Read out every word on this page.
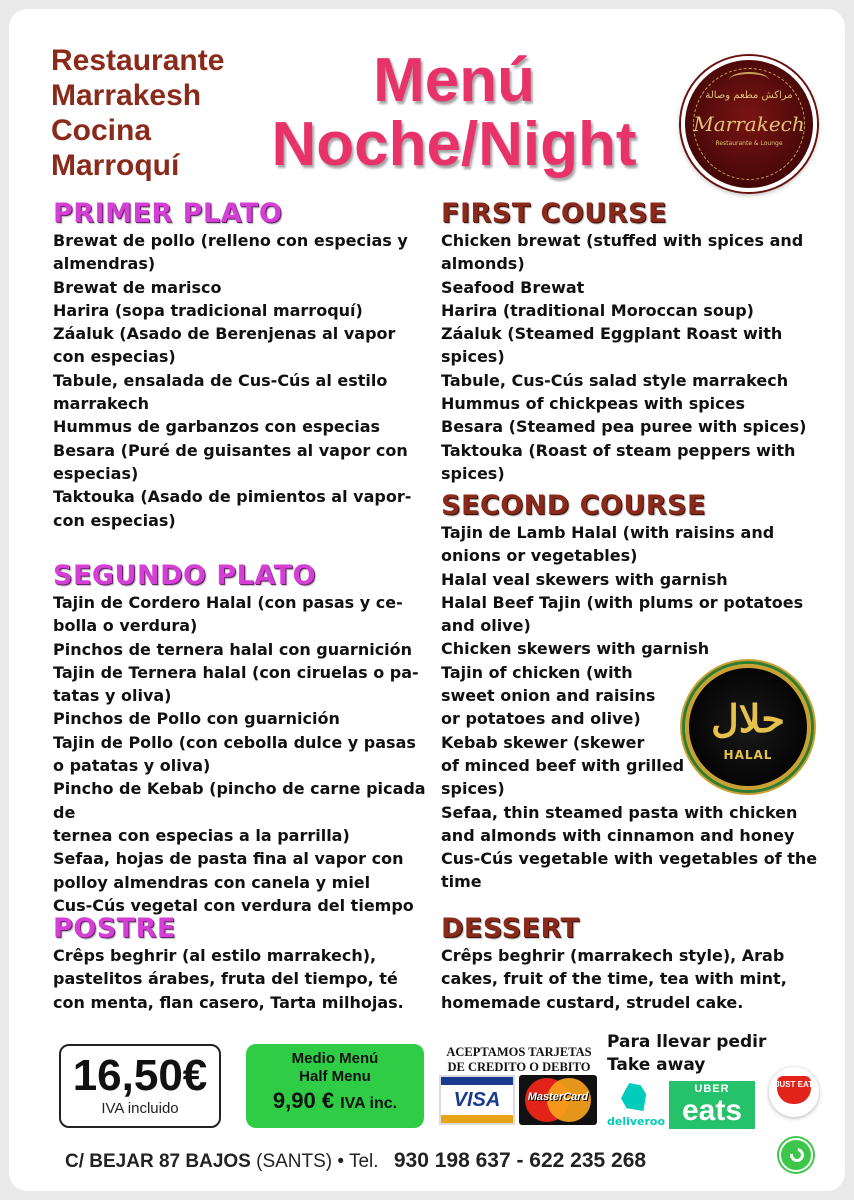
Restaurante
Marrakesh
Cocina
Marroquí
Menú
Noche/Night
مراكش مطعم وصالة
Marrakech
Restaurante & Lounge
PRIMER PLATO
Brewat de pollo (relleno con especias y
almendras)
Brewat de marisco
Harira (sopa tradicional marroquí)
Záaluk (Asado de Berenjenas al vapor
con especias)
Tabule, ensalada de Cus-Cús al estilo
marrakech
Hummus de garbanzos con especias
Besara (Puré de guisantes al vapor con
especias)
Taktouka (Asado de pimientos al vapor-
con especias)
SEGUNDO PLATO
Tajin de Cordero Halal (con pasas y ce-
bolla o verdura)
Pinchos de ternera halal con guarnición
Tajin de Ternera halal (con ciruelas o pa-
tatas y oliva)
Pinchos de Pollo con guarnición
Tajin de Pollo (con cebolla dulce y pasas
o patatas y oliva)
Pincho de Kebab (pincho de carne picada de
ternea con especias a la parrilla)
Sefaa, hojas de pasta fina al vapor con
polloy almendras con canela y miel
Cus-Cús vegetal con verdura del tiempo
POSTRE
Crêps beghrir (al estilo marrakech),
pastelitos árabes, fruta del tiempo, té
con menta, flan casero, Tarta milhojas.
FIRST COURSE
Chicken brewat (stuffed with spices and
almonds)
Seafood Brewat
Harira (traditional Moroccan soup)
Záaluk (Steamed Eggplant Roast with
spices)
Tabule, Cus-Cús salad style marrakech
Hummus of chickpeas with spices
Besara (Steamed pea puree with spices)
Taktouka (Roast of steam peppers with
spices)
SECOND COURSE
Tajin de Lamb Halal (with raisins and
onions or vegetables)
Halal veal skewers with garnish
Halal Beef Tajin (with plums or potatoes
and olive)
Chicken skewers with garnish
Tajin of chicken (with
sweet onion and raisins
or potatoes and olive)
Kebab skewer (skewer
of minced beef with grilled
spices)
Sefaa, thin steamed pasta with chicken
and almonds with cinnamon and honey
Cus-Cús vegetable with vegetables of the
time
DESSERT
Crêps beghrir (marrakech style), Arab
cakes, fruit of the time, tea with mint,
homemade custard, strudel cake.
حلال
HALAL
16,50€
IVA incluido
Medio Menú
Half Menu
9,90 € IVA inc.
ACEPTAMOS TARJETAS
DE CREDITO O DEBITO
VISA	MasterCard
Para llevar pedir
Take away
deliveroo
UBER
eats
JUST EAT
C/ BEJAR 87 BAJOS (SANTS) • Tel. 930 198 637 - 622 235 268
